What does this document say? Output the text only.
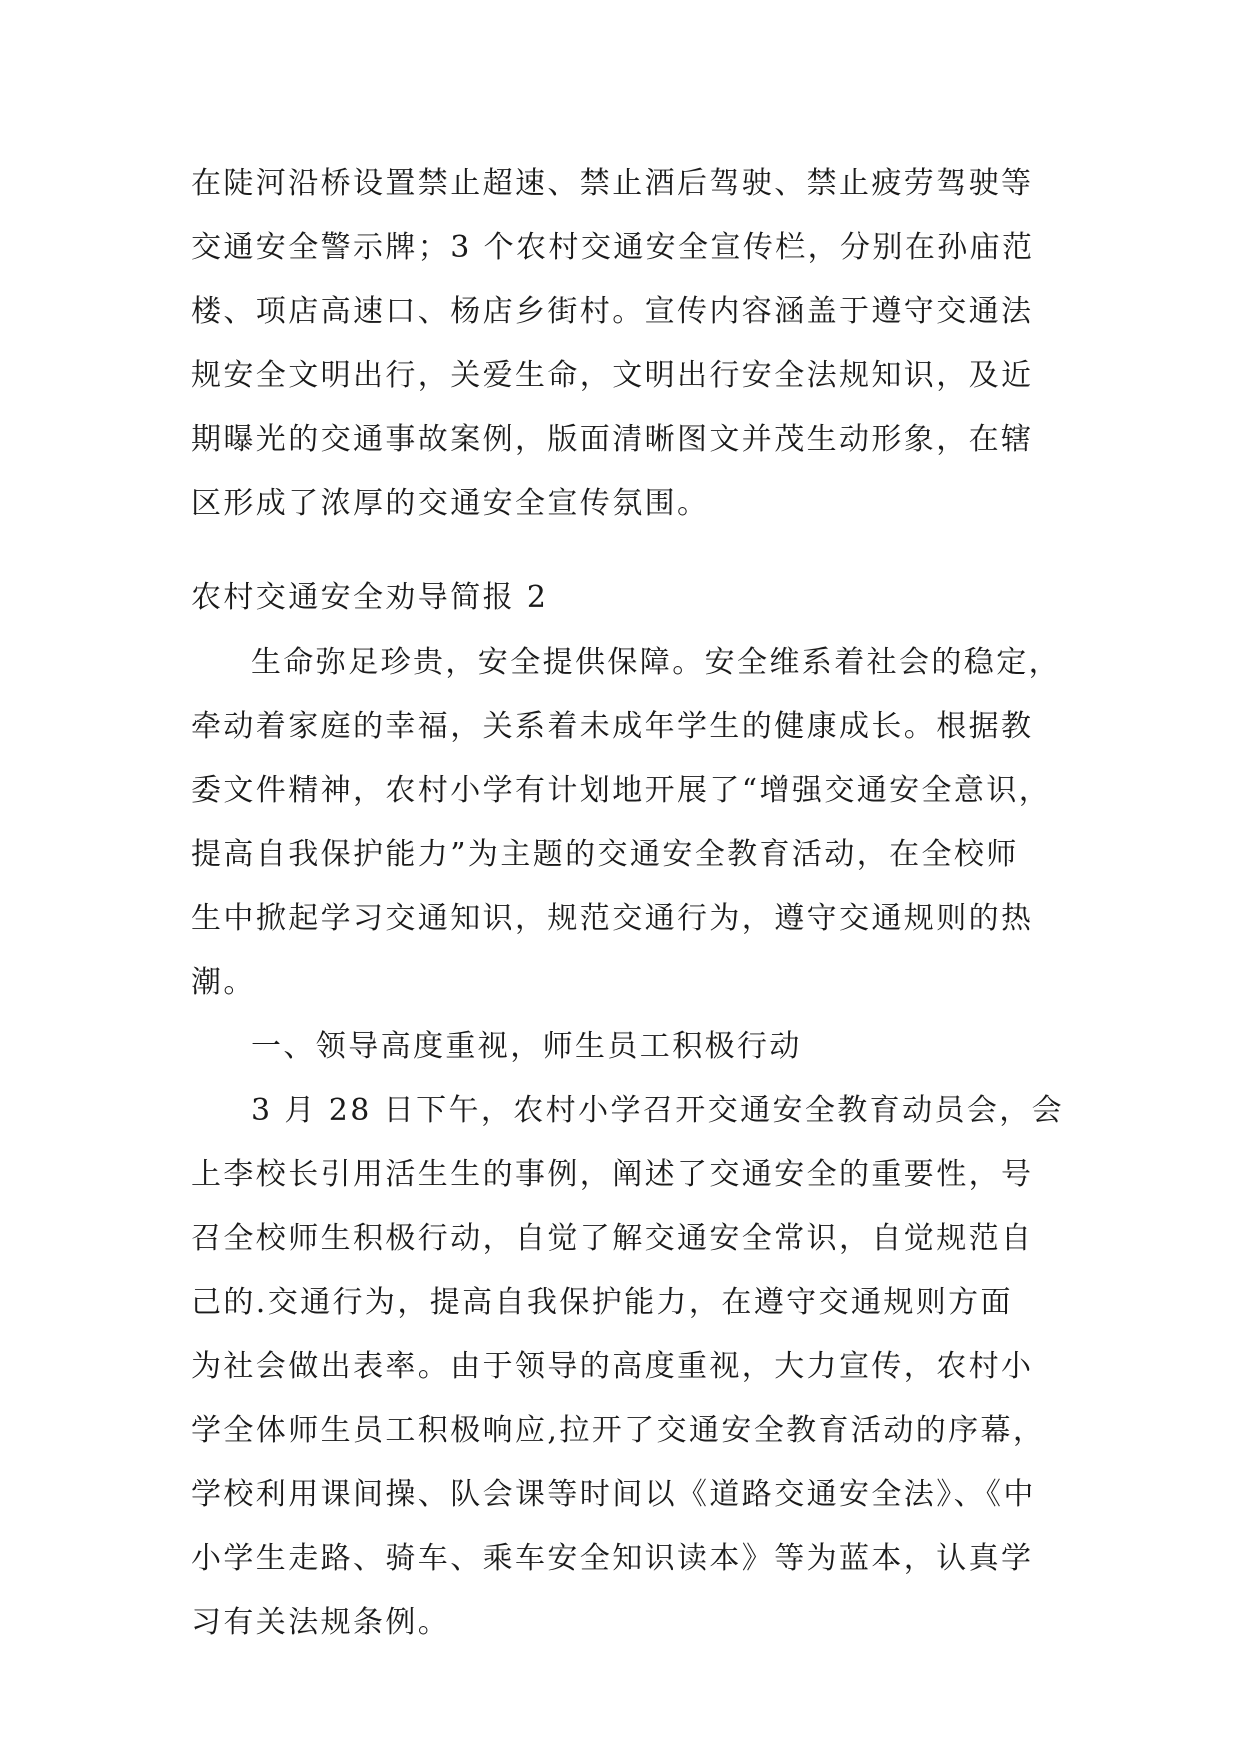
在陡河沿桥设置禁止超速、禁止酒后驾驶、禁止疲劳驾驶等
交通安全警示牌；3 个农村交通安全宣传栏，分别在孙庙范
楼、项店高速口、杨店乡街村。宣传内容涵盖于遵守交通法
规安全文明出行，关爱生命，文明出行安全法规知识，及近
期曝光的交通事故案例，版面清晰图文并茂生动形象，在辖
区形成了浓厚的交通安全宣传氛围。
农村交通安全劝导简报 2
生命弥足珍贵，安全提供保障。安全维系着社会的稳定，
牵动着家庭的幸福，关系着未成年学生的健康成长。根据教
委文件精神，农村小学有计划地开展了“增强交通安全意识，
提高自我保护能力”为主题的交通安全教育活动，在全校师
生中掀起学习交通知识，规范交通行为，遵守交通规则的热
潮。
一、领导高度重视，师生员工积极行动
3 月 28 日下午，农村小学召开交通安全教育动员会，会
上李校长引用活生生的事例，阐述了交通安全的重要性，号
召全校师生积极行动，自觉了解交通安全常识，自觉规范自
己的.交通行为，提高自我保护能力，在遵守交通规则方面
为社会做出表率。由于领导的高度重视，大力宣传，农村小
学全体师生员工积极响应,拉开了交通安全教育活动的序幕，
学校利用课间操、队会课等时间以《道路交通安全法》、《中
小学生走路、骑车、乘车安全知识读本》等为蓝本，认真学
习有关法规条例。
